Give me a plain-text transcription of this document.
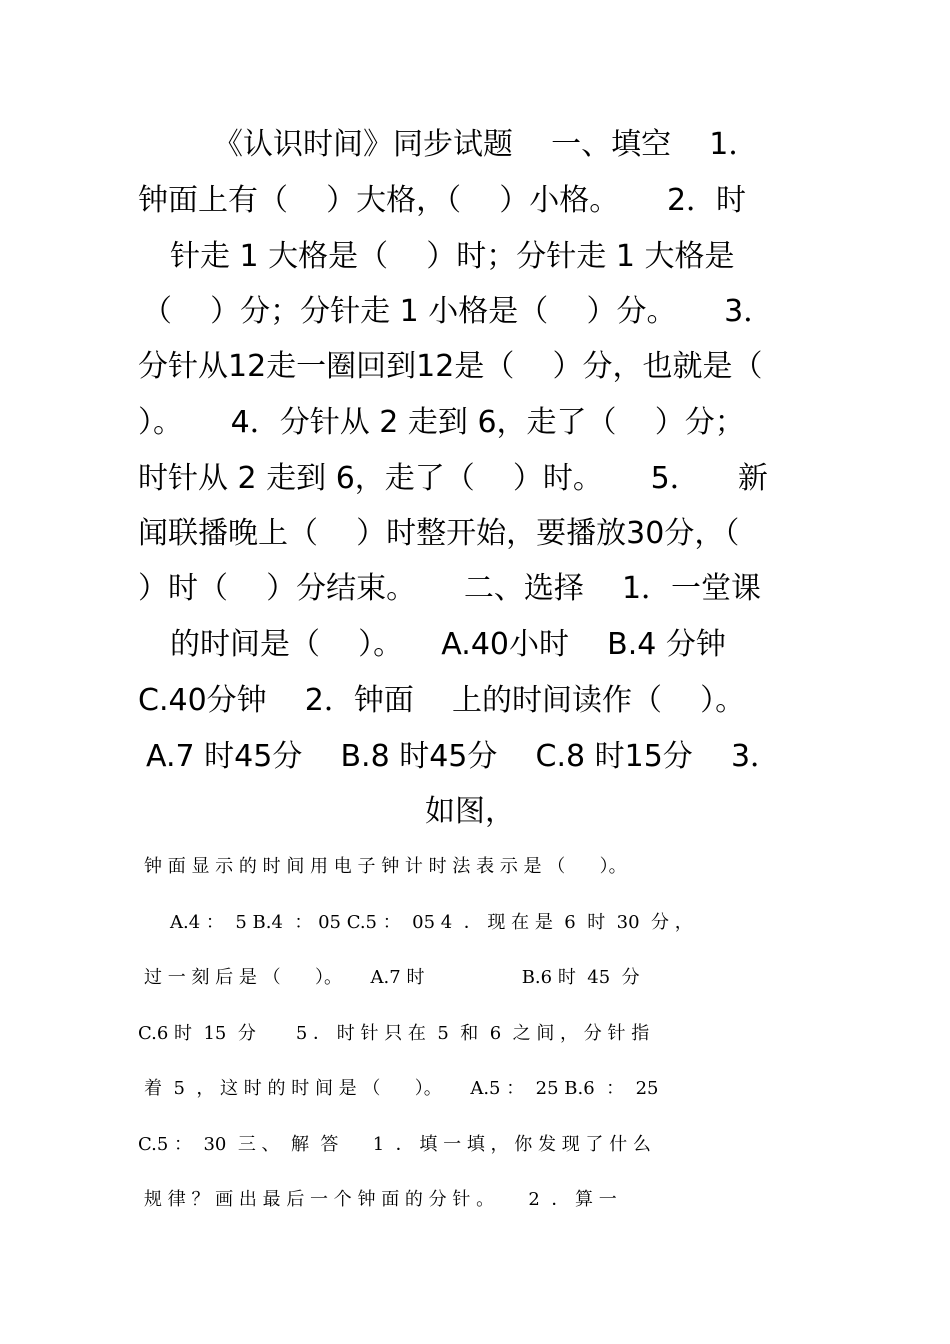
《认识时间》同步试题    一、填空    1．

钟面上有（    ）大格，（    ）小格。     2．时

针走 1 大格是（    ）时；分针走 1 大格是

（    ）分；分针走 1 小格是（    ）分。     3．

分针从12走一圈回到12是（    ）分，也就是（

）。     4．分针从 2 走到 6，走了（    ）分；

时针从 2 走到 6，走了（    ）时。     5．    新

闻联播晚上（    ）时整开始，要播放30分，（

）时（    ）分结束。     二、选择    1．一堂课

的时间是（    ）。    A.40小时    B.4 分钟

C.40分钟    2．钟面    上的时间读作（    ）。

A.7 时45分    B.8 时45分    C.8 时15分    3．

如图，

钟 面 显 示 的 时 间 用 电 子 钟 计 时 法 表 示 是 （      ）。

A.4 ：  5 B.4  ： 05 C.5 ：  05 4  ． 现 在 是  6  时  30  分 ，

过 一 刻 后 是 （      ）。     A.7 时                 B.6 时  45  分

C.6 时  15  分       5 ． 时 针 只 在  5  和  6  之 间 ， 分 针 指

着  5  ， 这 时 的 时 间 是 （      ）。     A.5 ：  25 B.6  ：  25

C.5 ：  30  三 、  解  答      1  ． 填 一 填 ， 你 发 现 了 什 么

规 律 ？ 画 出 最 后 一 个 钟 面 的 分 针 。      2  ． 算 一
